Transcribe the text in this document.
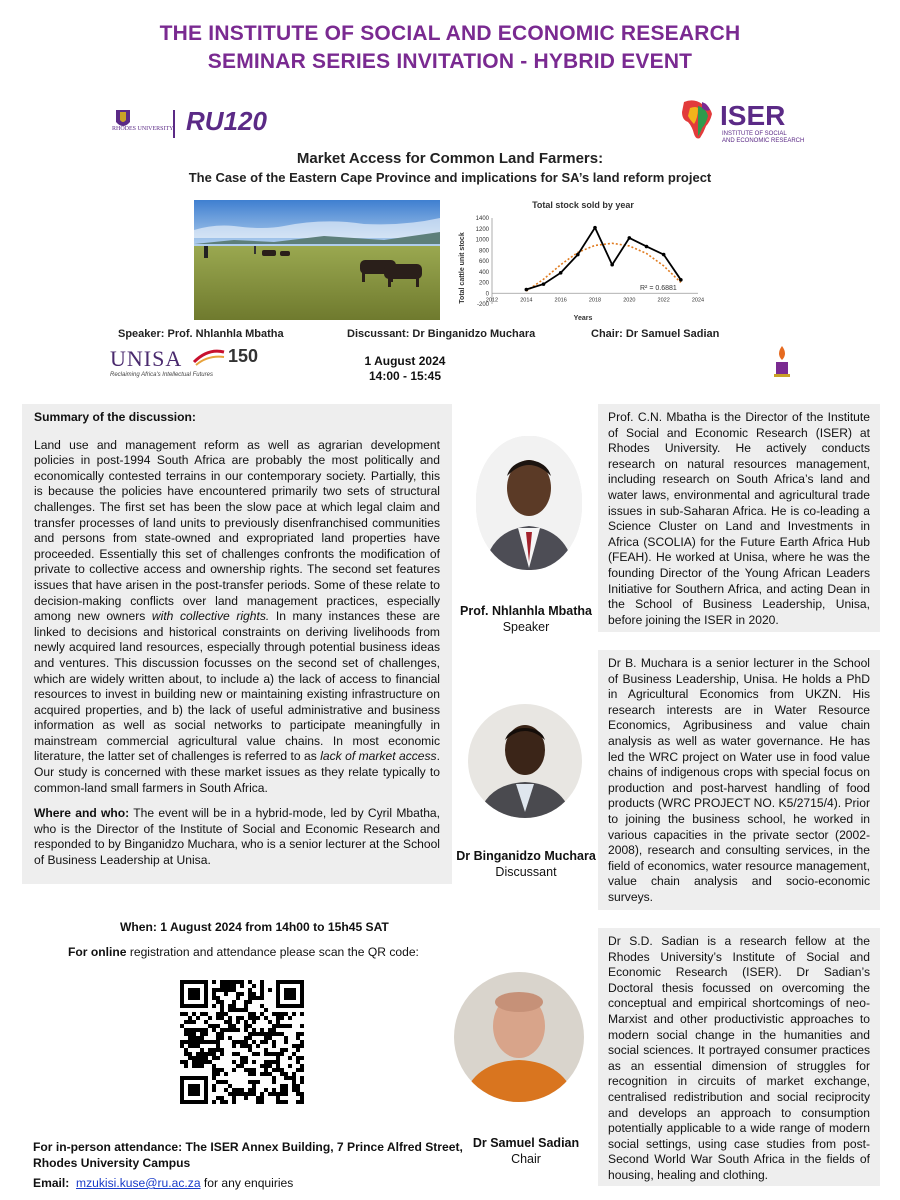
THE INSTITUTE OF SOCIAL AND ECONOMIC RESEARCH
SEMINAR SERIES INVITATION - HYBRID EVENT
RHODES UNIVERSITY RU120	ISER
INSTITUTE OF SOCIAL
AND ECONOMIC RESEARCH
Market Access for Common Land Farmers:
The Case of the Eastern Cape Province and implications for SA’s land reform project
Total stock sold by year
Years
Total cattle unit stock	R² = 0.6881
-200
0
200
400
600
800
1000
1200
1400
2012	2014	2016	2018	2020	2022	2024
Speaker: Prof. Nhlanhla Mbatha	Discussant: Dr Binganidzo Muchara	Chair: Dr Samuel Sadian
UNISA	150
Reclaiming Africa's Intellectual Futures
1 August 2024
14:00 - 15:45

Summary of the discussion:

Land use and management reform as well as agrarian development policies in post-1994 South Africa are probably the most politically and economically contested terrains in our contemporary society. Partially, this is because the policies have encountered primarily two sets of structural challenges. The first set has been the slow pace at which legal claim and transfer processes of land units to previously disenfranchised communities and persons from state-owned and expropriated land properties have proceeded. Essentially this set of challenges confronts the modification of private to collective access and ownership rights. The second set features issues that have arisen in the post-transfer periods. Some of these relate to decision-making conflicts over land management practices, especially among new owners with collective rights. In many instances these are linked to decisions and historical constraints on deriving livelihoods from newly acquired land resources, especially through potential business ideas and ventures. This discussion focusses on the second set of challenges, which are widely written about, to include a) the lack of access to financial resources to invest in building new or maintaining existing infrastructure on acquired properties, and b) the lack of useful administrative and business information as well as social networks to participate meaningfully in mainstream commercial agricultural value chains. In most economic literature, the latter set of challenges is referred to as lack of market access. Our study is concerned with these market issues as they relate typically to common-land small farmers in South Africa.

Where and who: The event will be in a hybrid-mode, led by Cyril Mbatha, who is the Director of the Institute of Social and Economic Research and responded to by Binganidzo Muchara, who is a senior lecturer at the School of Business Leadership at Unisa.

Prof. Nhlanhla Mbatha
Speaker
Prof. C.N. Mbatha is the Director of the Institute of Social and Economic Research (ISER) at Rhodes University. He actively conducts research on natural resources management, including research on South Africa’s land and water laws, environmental and agricultural trade issues in sub-Saharan Africa. He is co-leading a Science Cluster on Land and Investments in Africa (SCOLIA) for the Future Earth Africa Hub (FEAH). He worked at Unisa, where he was the founding Director of the Young African Leaders Initiative for Southern Africa, and acting Dean in the School of Business Leadership, Unisa, before joining the ISER in 2020.
Dr Binganidzo Muchara
Discussant
Dr B. Muchara is a senior lecturer in the School of Business Leadership, Unisa. He holds a PhD in Agricultural Economics from UKZN. His research interests are in Water Resource Economics, Agribusiness and value chain analysis as well as water governance. He has led the WRC project on Water use in food value chains of indigenous crops with special focus on production and post-harvest handling of food products (WRC PROJECT NO. K5/2715/4). Prior to joining the business school, he worked in various capacities in the private sector (2002-2008), research and consulting services, in the field of economics, water resource management, value chain analysis and socio-economic surveys.
Dr Samuel Sadian
Chair
Dr S.D. Sadian is a research fellow at the Rhodes University’s Institute of Social and Economic Research (ISER). Dr Sadian’s Doctoral thesis focussed on overcoming the conceptual and empirical shortcomings of neo-Marxist and other productivistic approaches to modern social change in the humanities and social sciences. It portrayed consumer practices as an essential dimension of struggles for recognition in circuits of market exchange, centralised redistribution and social reciprocity and develops an approach to consumption potentially applicable to a wide range of modern social settings, using case studies from post-Second World War South Africa in the fields of housing, healing and clothing.
When: 1 August 2024 from 14h00 to 15h45 SAT
For online registration and attendance please scan the QR code:
For in-person attendance: The ISER Annex Building, 7 Prince Alfred Street,
Rhodes University Campus
Email: mzukisi.kuse@ru.ac.za for any enquiries
